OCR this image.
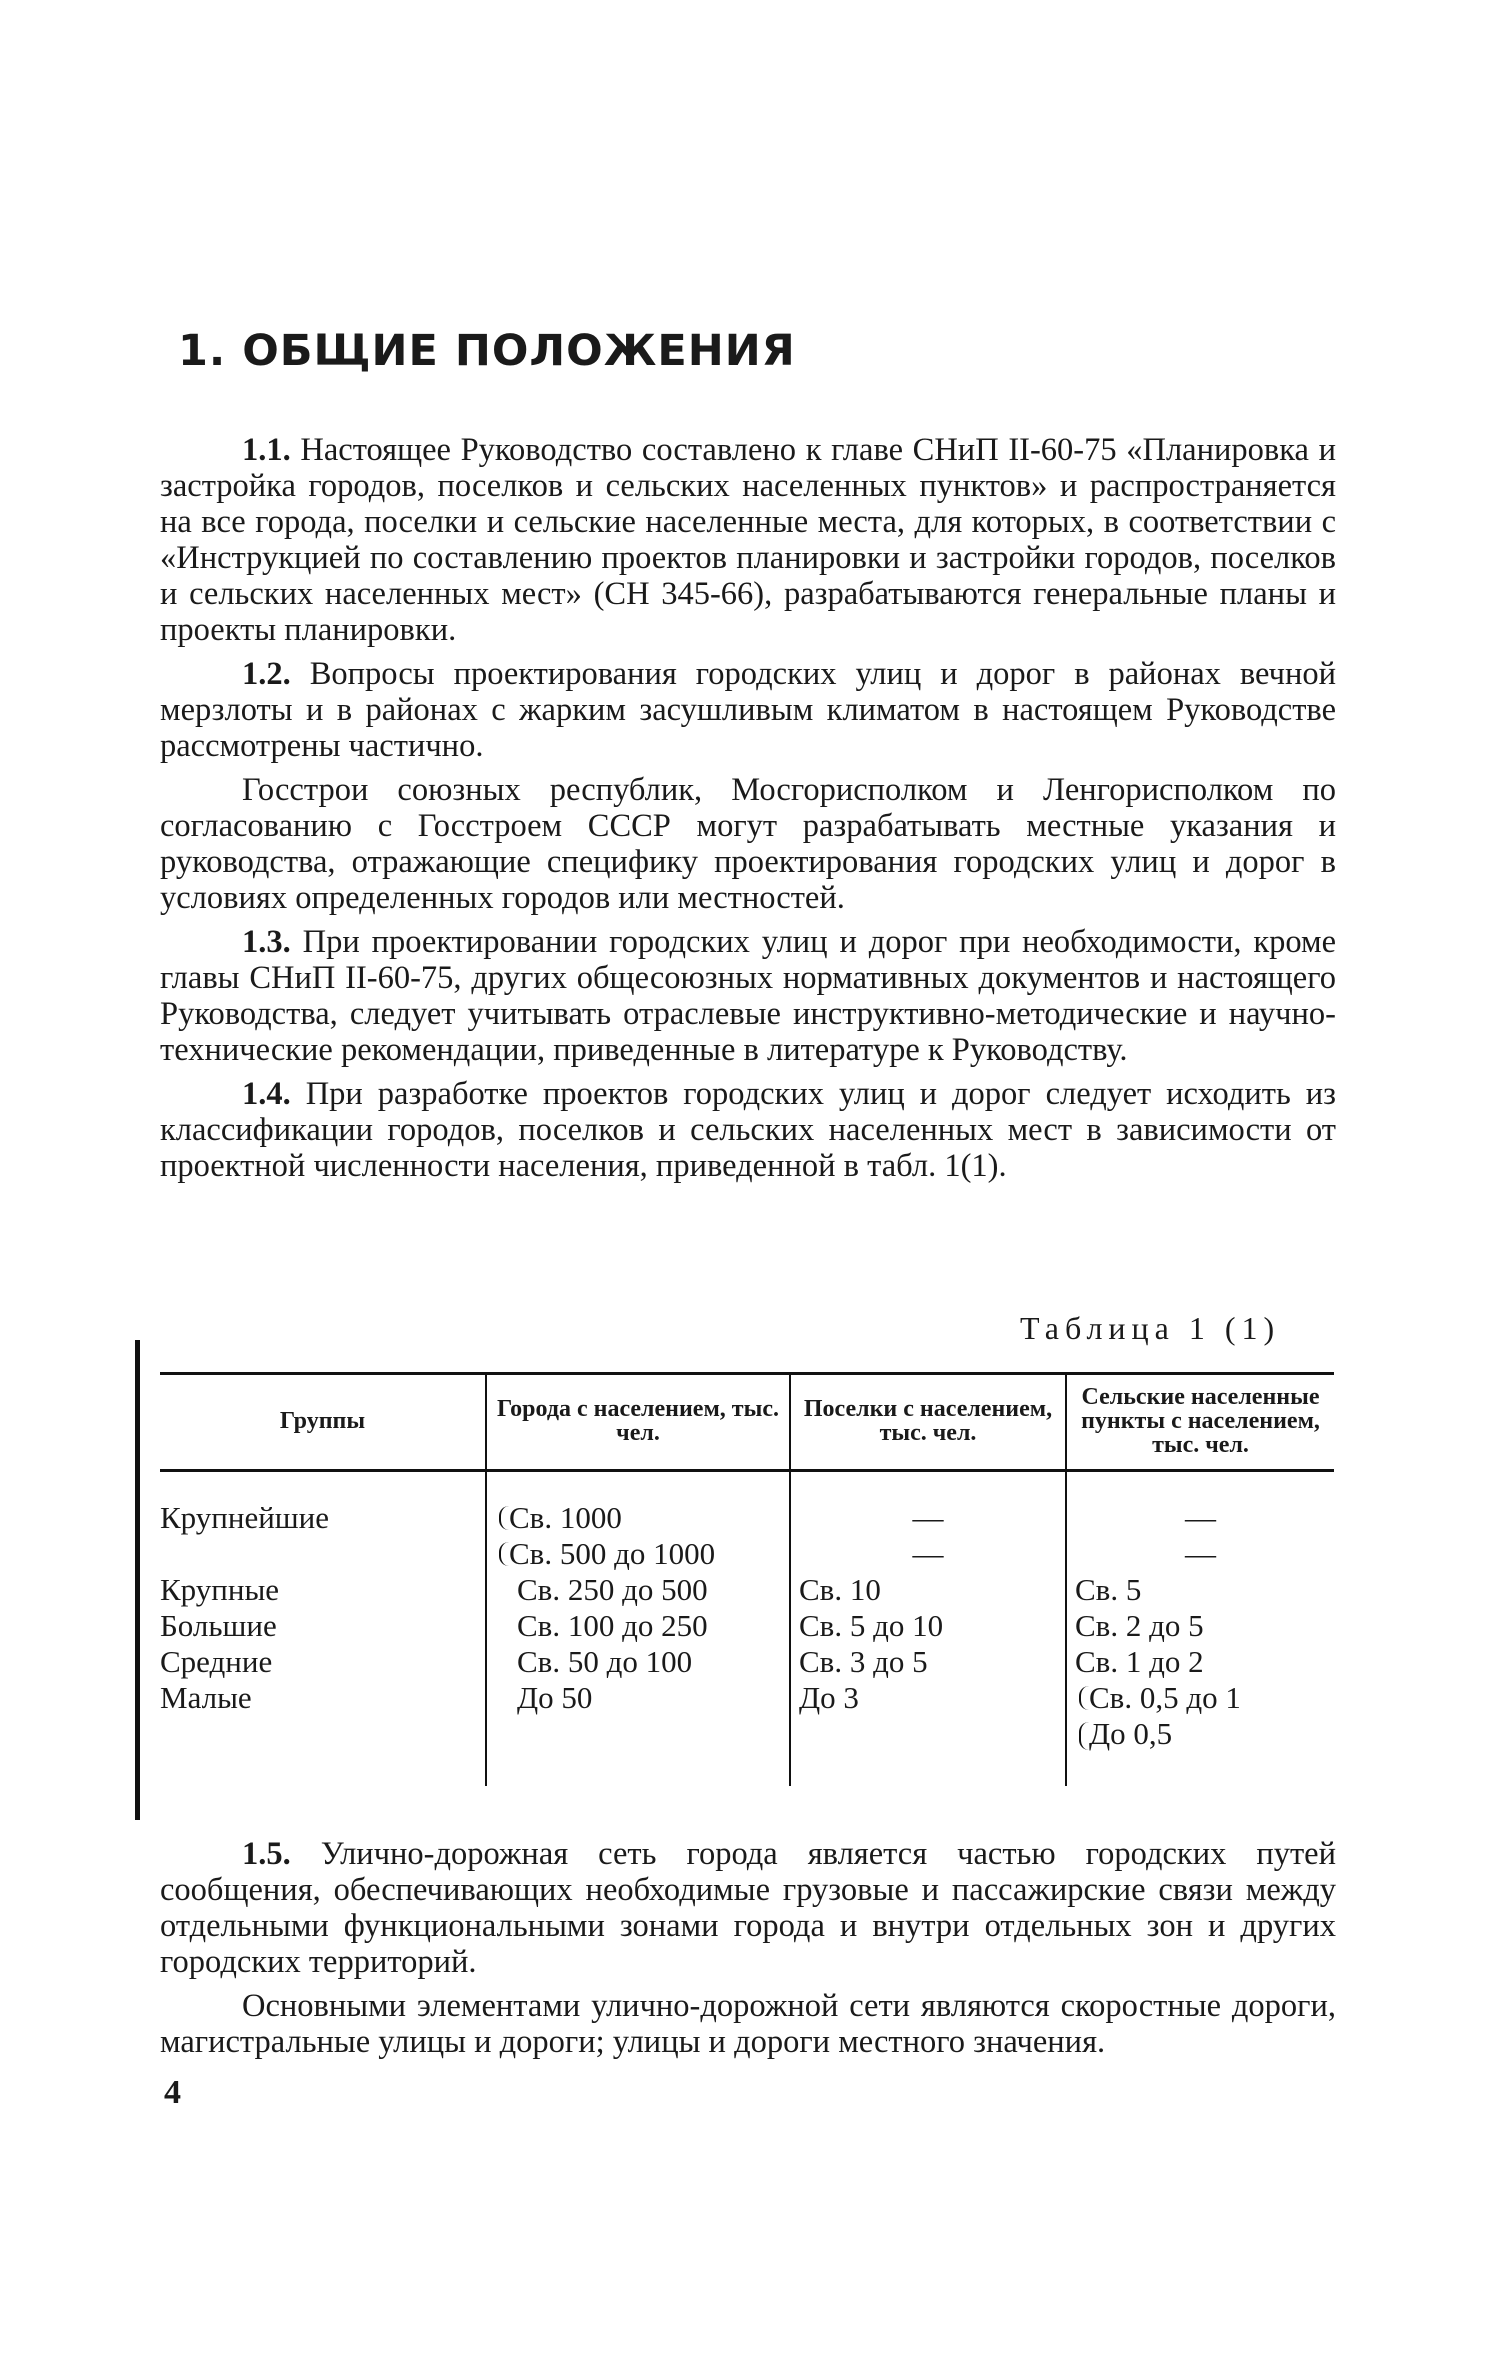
1. ОБЩИЕ ПОЛОЖЕНИЯ

1.1. Настоящее Руководство составлено к главе СНиП II-60-75 «Планировка и застройка городов, поселков и сельских населенных пунктов» и распространяется на все города, поселки и сельские населенные места, для которых, в соответствии с «Инструкцией по составлению проектов планировки и застройки городов, поселков и сельских населенных мест» (СН 345-66), разрабатываются генеральные планы и проекты планировки.

1.2. Вопросы проектирования городских улиц и дорог в районах вечной мерзлоты и в районах с жарким засушливым климатом в настоящем Руководстве рассмотрены частично.

Госстрои союзных республик, Мосгорисполком и Ленгорисполком по согласованию с Госстроем СССР могут разрабатывать местные указания и руководства, отражающие специфику проектирования городских улиц и дорог в условиях определенных городов или местностей.

1.3. При проектировании городских улиц и дорог при необходимости, кроме главы СНиП II-60-75, других общесоюзных нормативных документов и настоящего Руководства, следует учитывать отраслевые инструктивно-методические и научно-технические рекомендации, приведенные в литературе к Руководству.

1.4. При разработке проектов городских улиц и дорог следует исходить из классификации городов, поселков и сельских населенных мест в зависимости от проектной численности населения, приведенной в табл. 1(1).

Таблица 1 (1)
Группы	Города с населением, тыс. чел.	Поселки с населением, тыс. чел.	Сельские населенные пункты с населением, тыс. чел.
Крупнейшие	Св. 1000	—	—
	Св. 500 до 1000	—	—
Крупные	Св. 250 до 500	Св. 10	Св. 5
Большие	Св. 100 до 250	Св. 5 до 10	Св. 2 до 5
Средние	Св. 50 до 100	Св. 3 до 5	Св. 1 до 2
Малые	До 50	До 3	Св. 0,5 до 1
			До 0,5

1.5. Улично-дорожная сеть города является частью городских путей сообщения, обеспечивающих необходимые грузовые и пассажирские связи между отдельными функциональными зонами города и внутри отдельных зон и других городских территорий.

Основными элементами улично-дорожной сети являются скоростные дороги, магистральные улицы и дороги; улицы и дороги местного значения.

4
